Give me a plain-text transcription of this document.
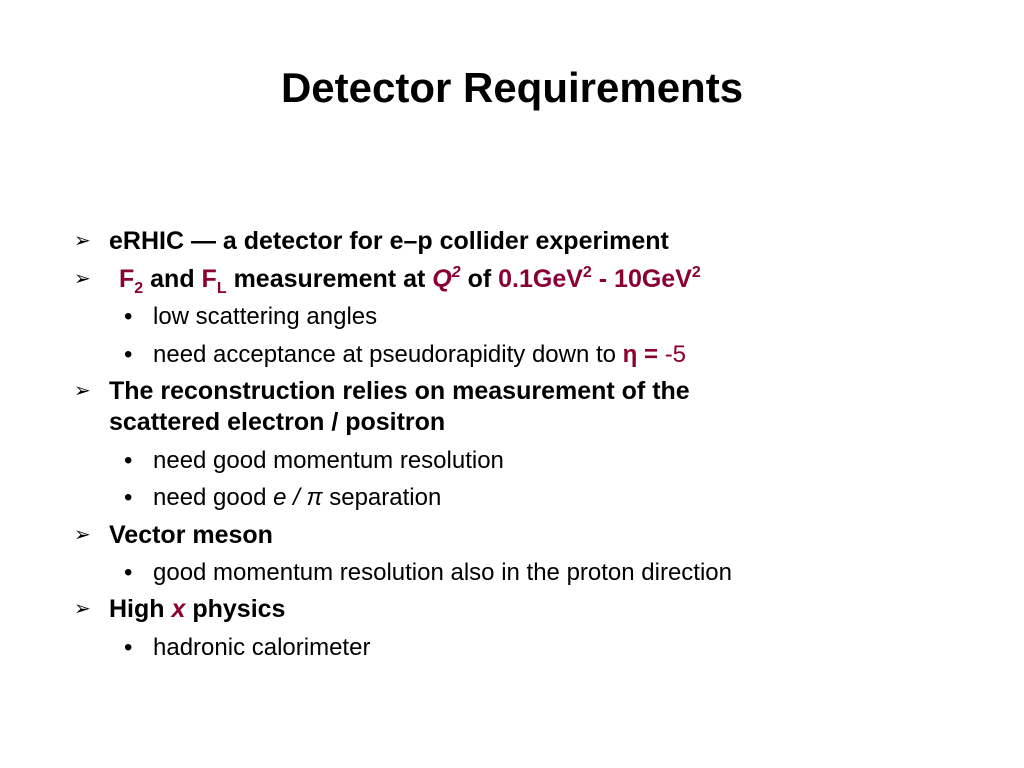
Detector Requirements
➢ eRHIC — a detector for e–p collider experiment
➢ $F_2$ and $F_L$ measurement at $Q^2$ of 0.1GeV$^2$ - 10GeV$^2$
• low scattering angles
• need acceptance at pseudorapidity down to η = -5
➢ The reconstruction relies on measurement of the
scattered electron / positron
• need good momentum resolution
• need good e / π separation
➢ Vector meson
• good momentum resolution also in the proton direction
➢ High x physics
• hadronic calorimeter
